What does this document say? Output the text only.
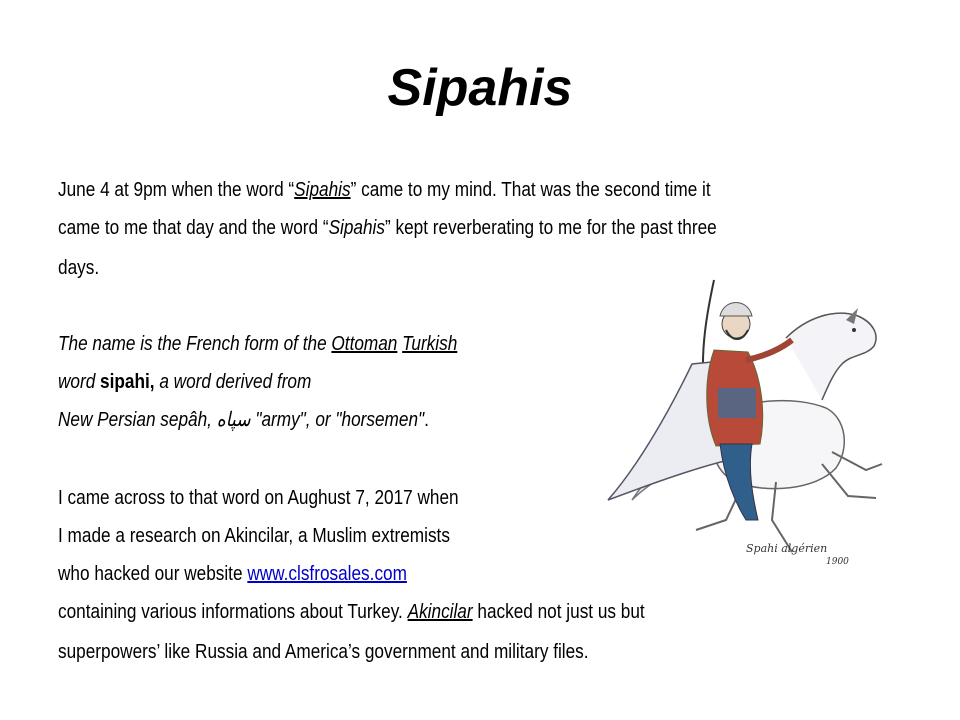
Sipahis
June 4 at 9pm when the word “Sipahis” came to my mind. That was the second time it
came to me that day and the word “Sipahis” kept reverberating to me for the past three
days.
The name is the French form of the Ottoman Turkish
word sipahi, a word derived from
New Persian sepâh, سپاه "army", or "horsemen".
I came across to that word on Aughust 7, 2017 when
I made a research on Akincilar, a Muslim extremists
who hacked our website www.clsfrosales.com
containing various informations about Turkey. Akincilar hacked not just us but
superpowers’ like Russia and America’s government and military files.
Spahi algérien
1900
